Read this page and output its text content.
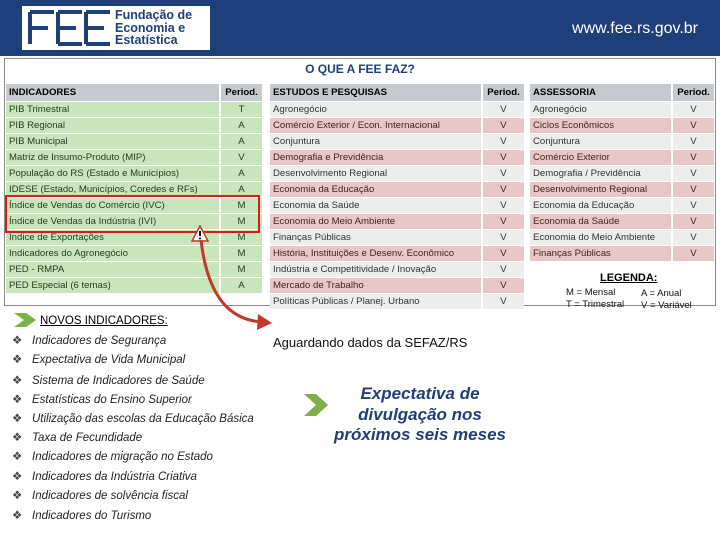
Fundação de
Economia e
Estatística
www.fee.rs.gov.br
O QUE A FEE FAZ?
INDICADORES	Period.
PIB Trimestral	T
PIB Regional	A
PIB Municipal	A
Matriz de Insumo-Produto (MIP)	V
População do RS (Estado e Municípios)	A
IDESE (Estado, Municípios, Coredes e RFs)	A
Índice de Vendas do Comércio (IVC)	M
Índice de Vendas da Indústria (IVI)	M
Índice de Exportações	M
Indicadores do Agronegócio	M
PED - RMPA	M
PED Especial (6 temas)	A
ESTUDOS E PESQUISAS	Period.
Agronegócio	V
Comércio Exterior / Econ. Internacional	V
Conjuntura	V
Demografia e Previdência	V
Desenvolvimento Regional	V
Economia da Educação	V
Economia da Saúde	V
Economia do Meio Ambiente	V
Finanças Públicas	V
História, Instituições e Desenv. Econômico	V
Indústria e Competitividade / Inovação	V
Mercado de Trabalho	V
Políticas Públicas / Planej. Urbano	V
ASSESSORIA	Period.
Agronegócio	V
Ciclos Econômicos	V
Conjuntura	V
Comércio Exterior	V
Demografia / Previdência	V
Desenvolvimento Regional	V
Economia da Educação	V
Economia da Saúde	V
Economia do Meio Ambiente	V
Finanças Públicas	V
LEGENDA:
M = Mensal
T = Trimestral
A = Anual
V = Variável
NOVOS INDICADORES:
❖ Indicadores de Segurança
❖ Expectativa de Vida Municipal
❖ Sistema de Indicadores de Saúde
❖ Estatísticas do Ensino Superior
❖ Utilização das escolas da Educação Básica
❖ Taxa de Fecundidade
❖ Indicadores de migração no Estado
❖ Indicadores da Indústria Criativa
❖ Indicadores de solvência fiscal
❖ Indicadores do Turismo
Aguardando dados da SEFAZ/RS
Expectativa de divulgação nos próximos seis meses
